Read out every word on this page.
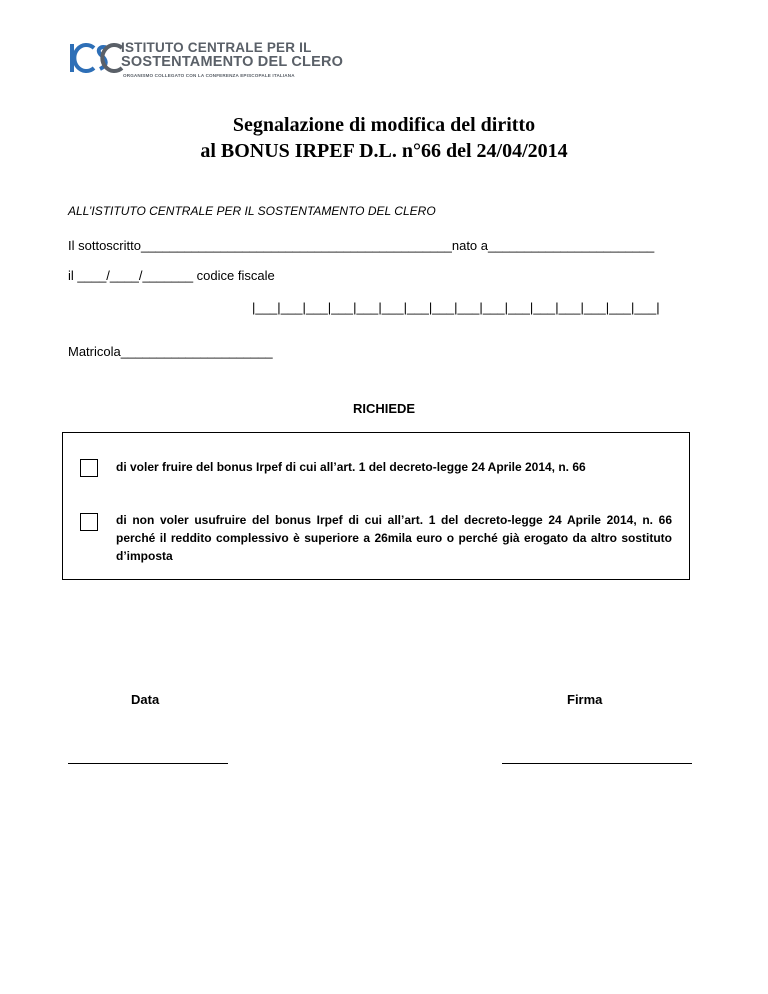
ISTITUTO CENTRALE PER IL
SOSTENTAMENTO DEL CLERO
ORGANISMO COLLEGATO CON LA CONFERENZA EPISCOPALE ITALIANA
Segnalazione di modifica del diritto
al BONUS IRPEF D.L. n°66 del 24/04/2014
ALL’ISTITUTO CENTRALE PER IL SOSTENTAMENTO DEL CLERO
Il sottoscritto___________________________________________nato a_______________________
il ____/____/_______ codice fiscale
|___|___|___|___|___|___|___|___|___|___|___|___|___|___|___|___|
Matricola_____________________
RICHIEDE
di voler fruire del bonus Irpef di cui all’art. 1 del decreto-legge 24 Aprile 2014, n. 66
di non voler usufruire del bonus Irpef di cui all’art. 1 del decreto-legge 24 Aprile 2014, n. 66 perché il reddito complessivo è superiore a 26mila euro o perché già erogato da altro sostituto d’imposta
Data	Firma
